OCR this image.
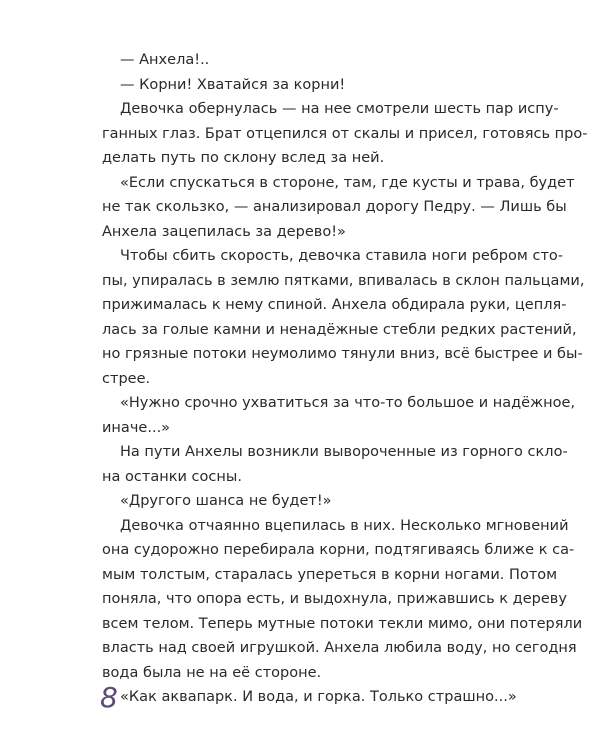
— Анхела!..
— Корни! Хватайся за корни!
Девочка обернулась — на нее смотрели шесть пар испу-
ганных глаз. Брат отцепился от скалы и присел, готовясь про-
делать путь по склону вслед за ней.
«Если спускаться в стороне, там, где кусты и трава, будет
не так скользко, — анализировал дорогу Педру. — Лишь бы
Анхела зацепилась за дерево!»
Чтобы сбить скорость, девочка ставила ноги ребром сто-
пы, упиралась в землю пятками, впивалась в склон пальцами,
прижималась к нему спиной. Анхела обдирала руки, цепля-
лась за голые камни и ненадёжные стебли редких растений,
но грязные потоки неумолимо тянули вниз, всё быстрее и бы-
стрее.
«Нужно срочно ухватиться за что-то большое и надёжное,
иначе...»
На пути Анхелы возникли вывороченные из горного скло-
на останки сосны.
«Другого шанса не будет!»
Девочка отчаянно вцепилась в них. Несколько мгновений
она судорожно перебирала корни, подтягиваясь ближе к са-
мым толстым, старалась упереться в корни ногами. Потом
поняла, что опора есть, и выдохнула, прижавшись к дереву
всем телом. Теперь мутные потоки текли мимо, они потеряли
власть над своей игрушкой. Анхела любила воду, но сегодня
вода была не на её стороне.
«Как аквапарк. И вода, и горка. Только страшно...»
8
